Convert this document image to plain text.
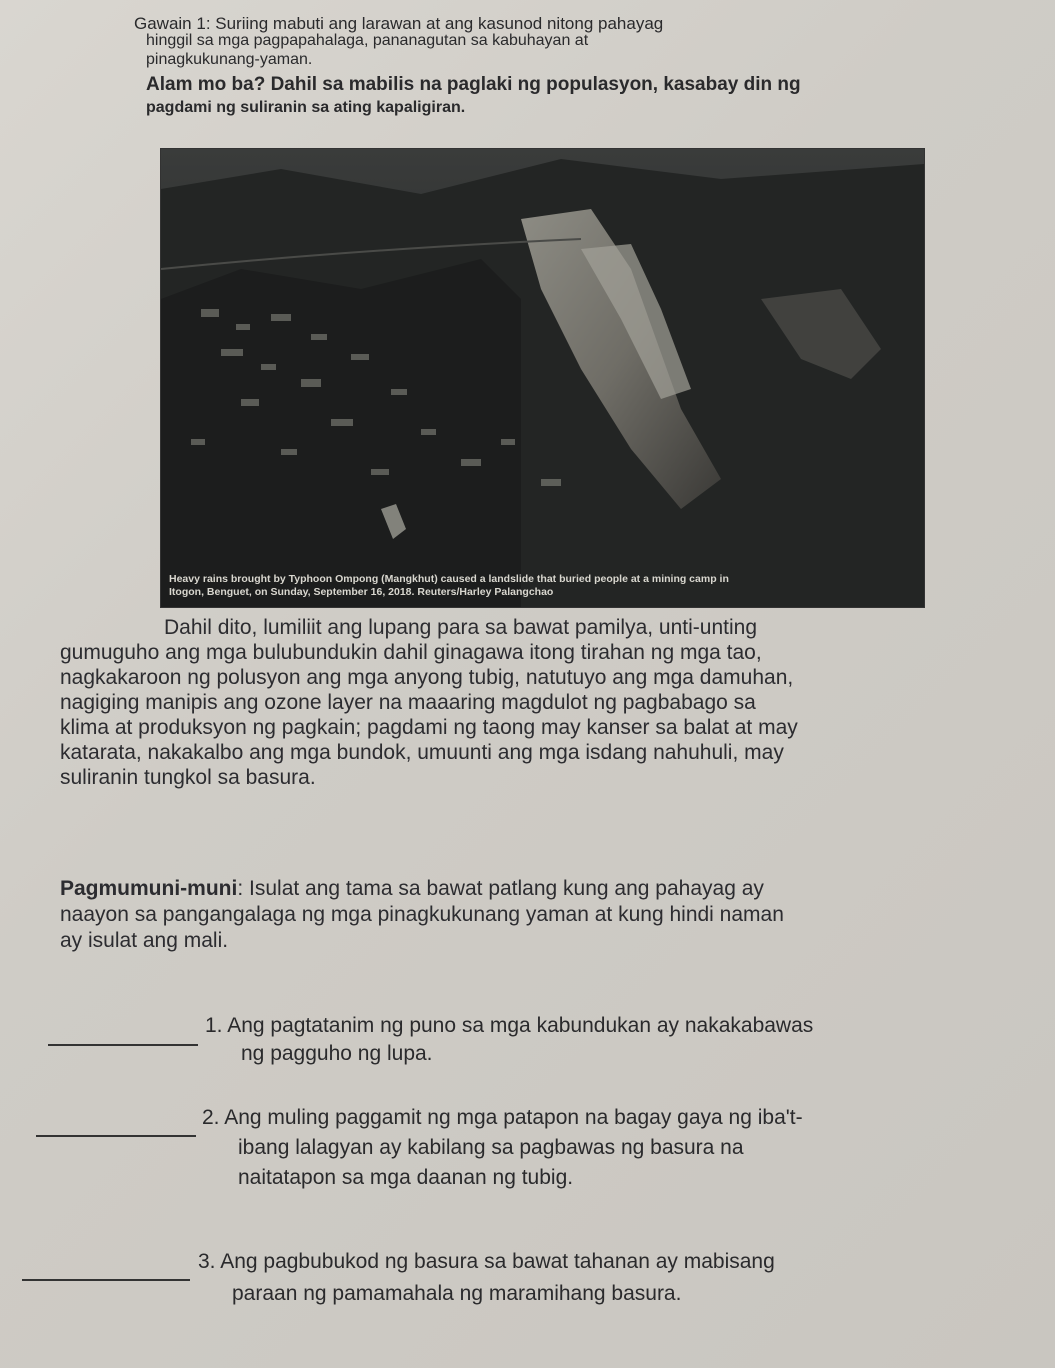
Gawain 1: Suriing mabuti ang larawan at ang kasunod nitong pahayag
hinggil sa mga pagpapahalaga, pananagutan sa kabuhayan at
pinagkukunang-yaman.
Alam mo ba? Dahil sa mabilis na paglaki ng populasyon, kasabay din ng
pagdami ng suliranin sa ating kapaligiran.
Heavy rains brought by Typhoon Ompong (Mangkhut) caused a landslide that buried people at a mining camp in
Itogon, Benguet, on Sunday, September 16, 2018. Reuters/Harley Palangchao

Dahil dito, lumiliit ang lupang para sa bawat pamilya, unti-unting

gumuguho ang mga bulubundukin dahil ginagawa itong tirahan ng mga tao,

nagkakaroon ng polusyon ang mga anyong tubig, natutuyo ang mga damuhan,

nagiging manipis ang ozone layer na maaaring magdulot ng pagbabago sa

klima at produksyon ng pagkain; pagdami ng taong may kanser sa balat at may

katarata, nakakalbo ang mga bundok, umuunti ang mga isdang nahuhuli, may

suliranin tungkol sa basura.

Pagmumuni-muni: Isulat ang tama sa bawat patlang kung ang pahayag ay

naayon sa pangangalaga ng mga pinagkukunang yaman at kung hindi naman

ay isulat ang mali.

1. Ang pagtatanim ng puno sa mga kabundukan ay nakakabawas
ng pagguho ng lupa.
2. Ang muling paggamit ng mga patapon na bagay gaya ng iba't-
ibang lalagyan ay kabilang sa pagbawas ng basura na
naitatapon sa mga daanan ng tubig.
3. Ang pagbubukod ng basura sa bawat tahanan ay mabisang
paraan ng pamamahala ng maramihang basura.
